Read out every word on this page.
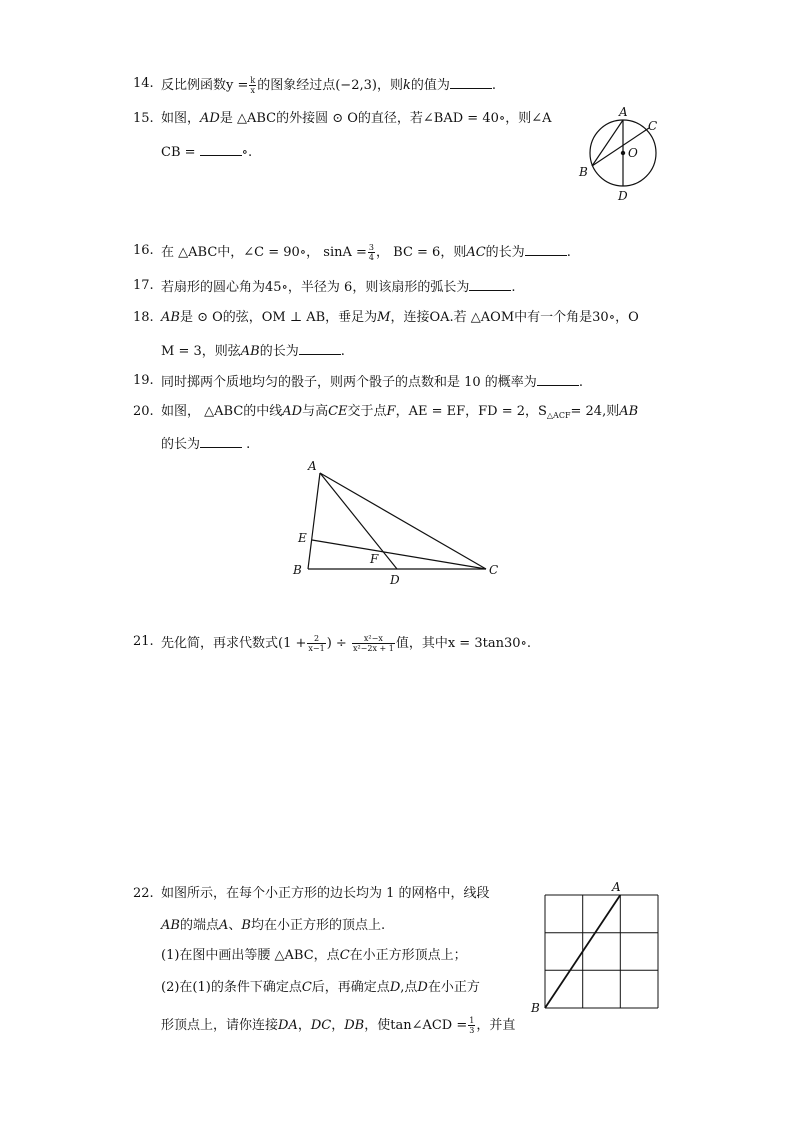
14. 反比例函数$y = \frac{k}{x}$ 的图象经过点(−2,3)，则k的值为	.
15. 如图，AD是 △ABC的外接圆 ⊙ O的直径，若∠BAD = 40∘，则∠A
CB =	∘.
A
C
O
B
D
16. 在 △ABC中，∠C = 90∘， $\sin A = \frac{3}{4}$ ， BC = 6，则AC的长为	.
17. 若扇形的圆心角为45∘，半径为 6，则该扇形的弧长为	.
18. AB是 ⊙ O的弦，OM ⊥ AB，垂足为M，连接OA.若 △AOM中有一个角是30∘，O
M = 3，则弦AB的长为	.
19. 同时掷两个质地均匀的骰子，则两个骰子的点数和是 10 的概率为	.
20. 如图， △ABC的中线AD与高CE交于点F，AE = EF，FD = 2，$S_{\triangle ACF}= 24$,则AB
的长为	.
A
E
F
B
D
C
21. 先化简，再求代数式($1 + \frac{2}{x-1}$ ) ÷ $\frac{\text{x²−x}}{\text{x²−2x + 1}}$ 值，其中x = 3tan30∘.
22. 如图所示，在每个小正方形的边长均为 1 的网格中，线段
AB的端点A、B均在小正方形的顶点上.
(1)在图中画出等腰 △ABC，点C在小正方形顶点上；
(2)在(1)的条件下确定点C后，再确定点D,点D在小正方
形顶点上，请你连接DA，DC，DB，使tan∠ACD = $\frac{1}{3}$ ，并直
A
B
